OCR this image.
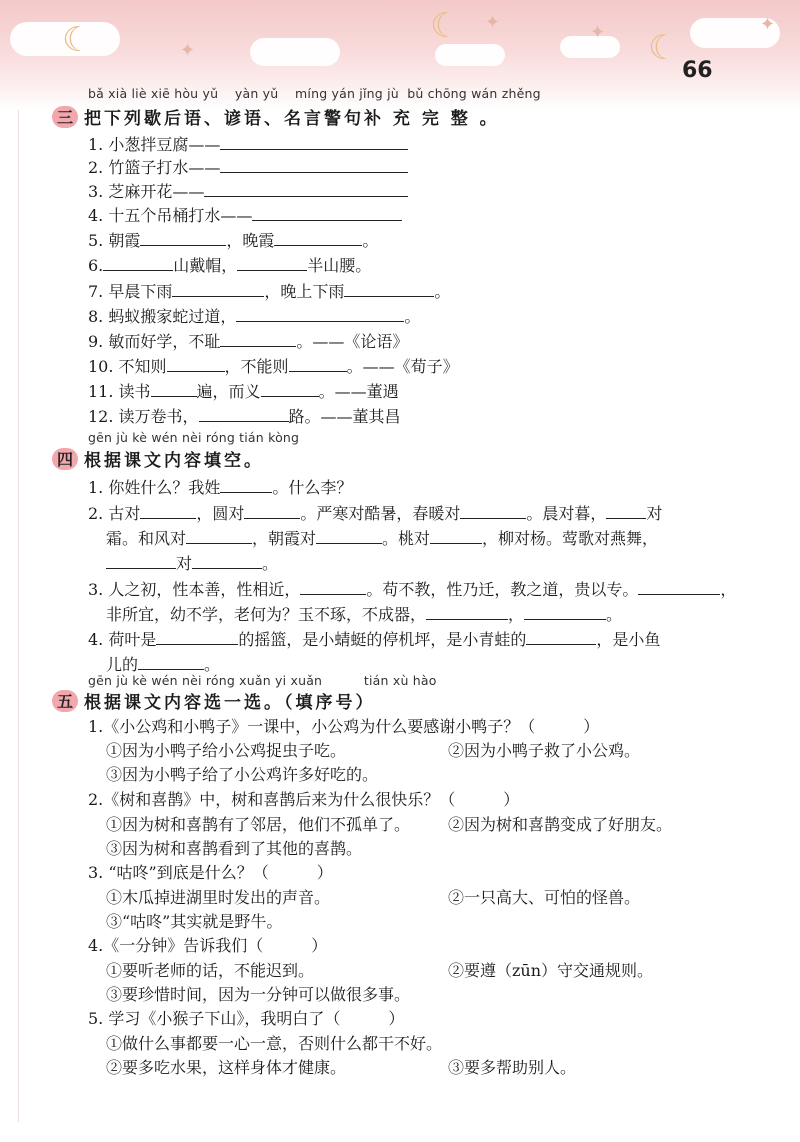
☾	☾
☾
✦
✦	✦	✦
66
bǎ xià liè xiē hòu yǔ    yàn yǔ    míng yán jǐng jù  bǔ chōng wán zhěng
三 把下列歇后语、谚语、名言警句补 充 完 整 。
1. 小葱拌豆腐——
2. 竹篮子打水——
3. 芝麻开花——
4. 十五个吊桶打水——
5. 朝霞	，晚霞	。
6.	山戴帽，	半山腰。
7. 早晨下雨	，晚上下雨	。
8. 蚂蚁搬家蛇过道，	。
9. 敏而好学，不耻	。——《论语》
10. 不知则	，不能则	。——《荀子》
11. 读书	遍，而义	。——董遇
12. 读万卷书，	路。——董其昌
gēn jù kè wén nèi róng tián kòng
四 根据课文内容填空。
1. 你姓什么？我姓	。什么李？
2. 古对	，圆对	。严寒对酷暑，春暖对	。晨对暮，	对
霜。和风对	，朝霞对	。桃对	，柳对杨。莺歌对燕舞，
对	。
3. 人之初，性本善，性相近，	。苟不教，性乃迁，教之道，贵以专。	，
非所宜，幼不学，老何为？玉不琢，不成器，	，	。
4. 荷叶是	的摇篮，是小蜻蜓的停机坪，是小青蛙的	，是小鱼
儿的	。
gēn jù kè wén nèi róng xuǎn yi xuǎn          tián xù hào
五 根据课文内容选一选。（填序号）
1.《小公鸡和小鸭子》一课中，小公鸡为什么要感谢小鸭子？（　　　）
①因为小鸭子给小公鸡捉虫子吃。	②因为小鸭子救了小公鸡。
③因为小鸭子给了小公鸡许多好吃的。
2.《树和喜鹊》中，树和喜鹊后来为什么很快乐？（　　　）
①因为树和喜鹊有了邻居，他们不孤单了。 ②因为树和喜鹊变成了好朋友。
③因为树和喜鹊看到了其他的喜鹊。
3. “咕咚”到底是什么？（　　　）
①木瓜掉进湖里时发出的声音。	②一只高大、可怕的怪兽。
③“咕咚”其实就是野牛。
4.《一分钟》告诉我们（　　　）
①要听老师的话，不能迟到。	②要遵（zūn）守交通规则。
③要珍惜时间，因为一分钟可以做很多事。
5. 学习《小猴子下山》，我明白了（　　　）
①做什么事都要一心一意，否则什么都干不好。
②要多吃水果，这样身体才健康。	③要多帮助别人。
